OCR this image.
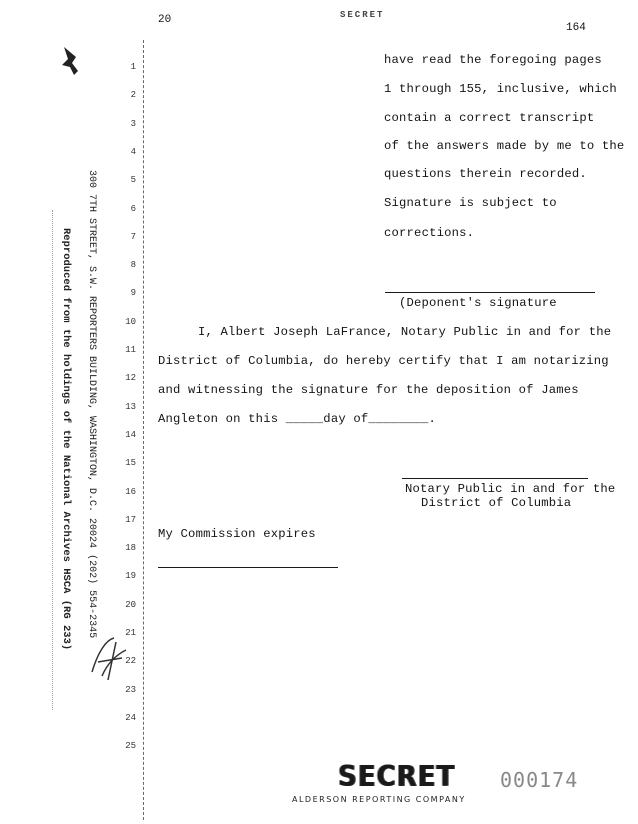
20	SECRET
164
300 7TH STREET, S.W. REPORTERS BUILDING, WASHINGTON, D.C. 20024 (202) 554-2345
Reproduced from the holdings of the National Archives HSCA (RG 233)
1
2
3
4
5
6
7
8
9
10
11
12
13
14
15
16
17
18
19
20
21
22
23
24
25
have read the foregoing pages
1 through 155, inclusive, which
contain a correct transcript
of the answers made by me to the
questions therein recorded.
Signature is subject to
corrections.
(Deponent's signature
I, Albert Joseph LaFrance, Notary Public in and for the
District of Columbia, do hereby certify that I am notarizing
and witnessing the signature for the deposition of James
Angleton on this _____day of________.
Notary Public in and for the
District of Columbia
My Commission expires
SECRET 000174
ALDERSON REPORTING COMPANY
